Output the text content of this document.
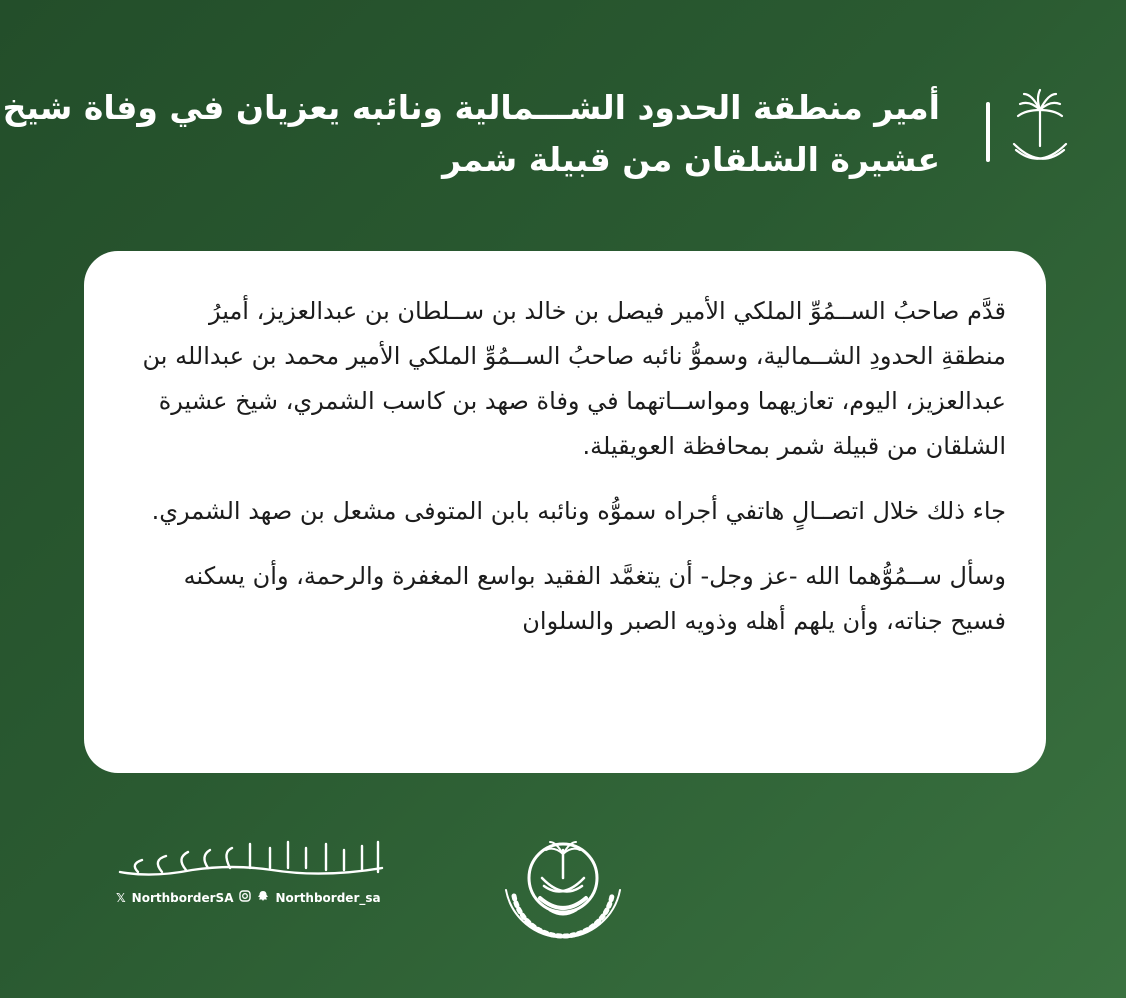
أمير منطقة الحدود الشـــمالية ونائبه يعزيان في وفاة شيخ
عشيرة الشلقان من قبيلة شمر

قدَّم صاحبُ الســمُوِّ الملكي الأمير فيصل بن خالد بن ســلطان بن عبدالعزيز، أميرُ منطقةِ الحدودِ الشــمالية، وسموُّ نائبه صاحبُ الســمُوِّ الملكي الأمير محمد بن عبدالله بن عبدالعزيز، اليوم، تعازيهما ومواســاتهما في وفاة صهد بن كاسب الشمري، شيخ عشيرة الشلقان من قبيلة شمر بمحافظة العويقيلة.

جاء ذلك خلال اتصــالٍ هاتفي أجراه سموُّه ونائبه بابن المتوفى مشعل بن صهد الشمري.

وسأل ســمُوُّهما الله -عز وجل- أن يتغمَّد الفقيد بواسع المغفرة والرحمة، وأن يسكنه فسيح جناته، وأن يلهم أهله وذويه الصبر والسلوان

𝕏 NorthborderSA	Northborder_sa
